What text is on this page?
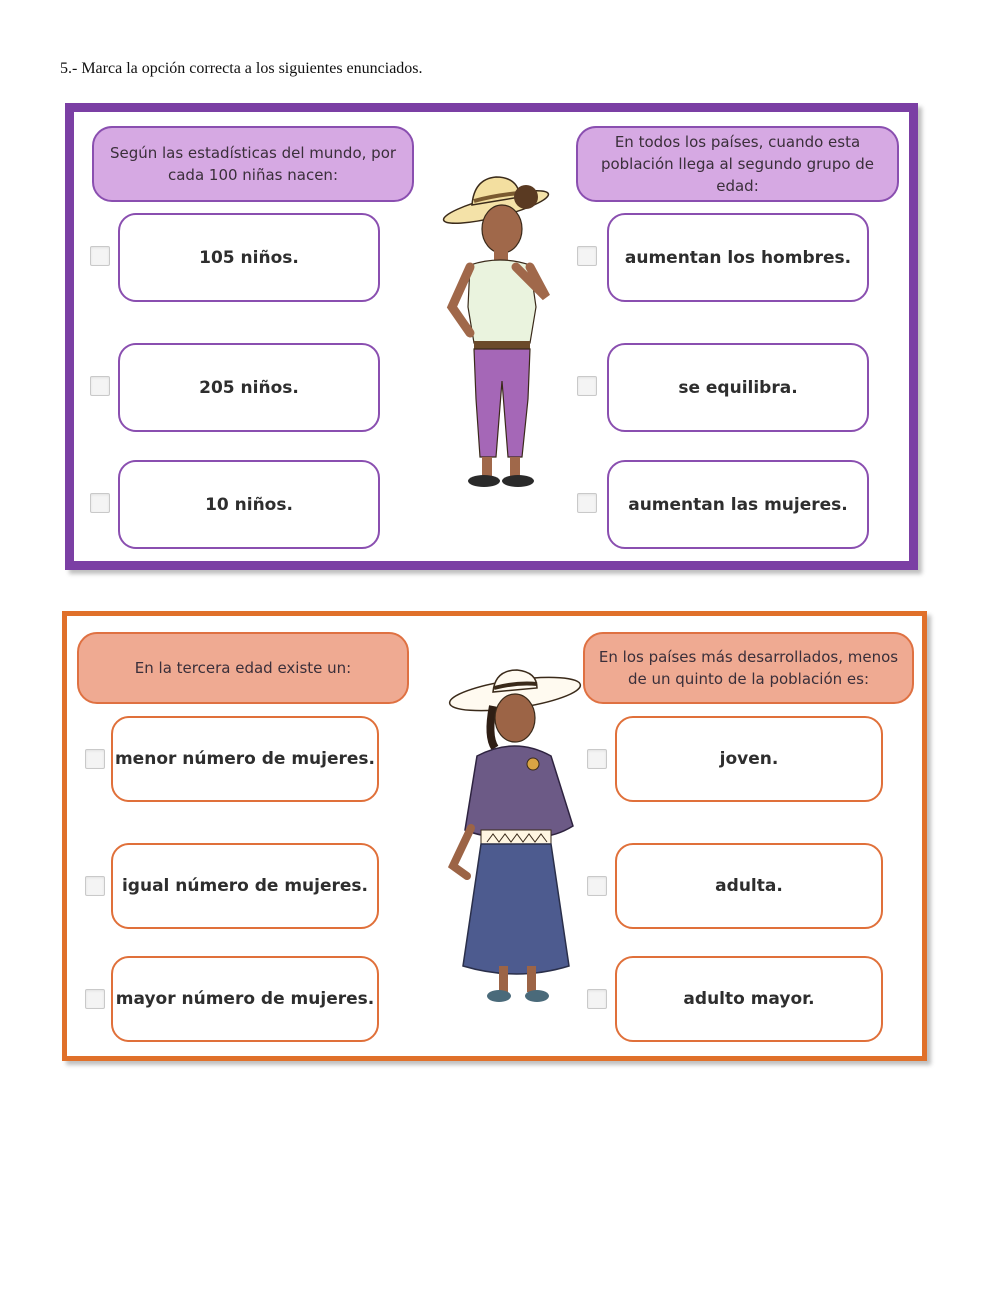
5.- Marca la opción correcta a los siguientes enunciados.
Según las estadísticas del mundo, por cada 100 niñas nacen:
En todos los países, cuando esta población llega al segundo grupo de edad:
105 niños.
205 niños.
10 niños.
aumentan los hombres.
se equilibra.
aumentan las mujeres.
En la tercera edad existe un:
En los países más desarrollados, menos de un quinto de la población es:
menor número de mujeres.
igual número de mujeres.
mayor número de mujeres.
joven.
adulta.
adulto mayor.
